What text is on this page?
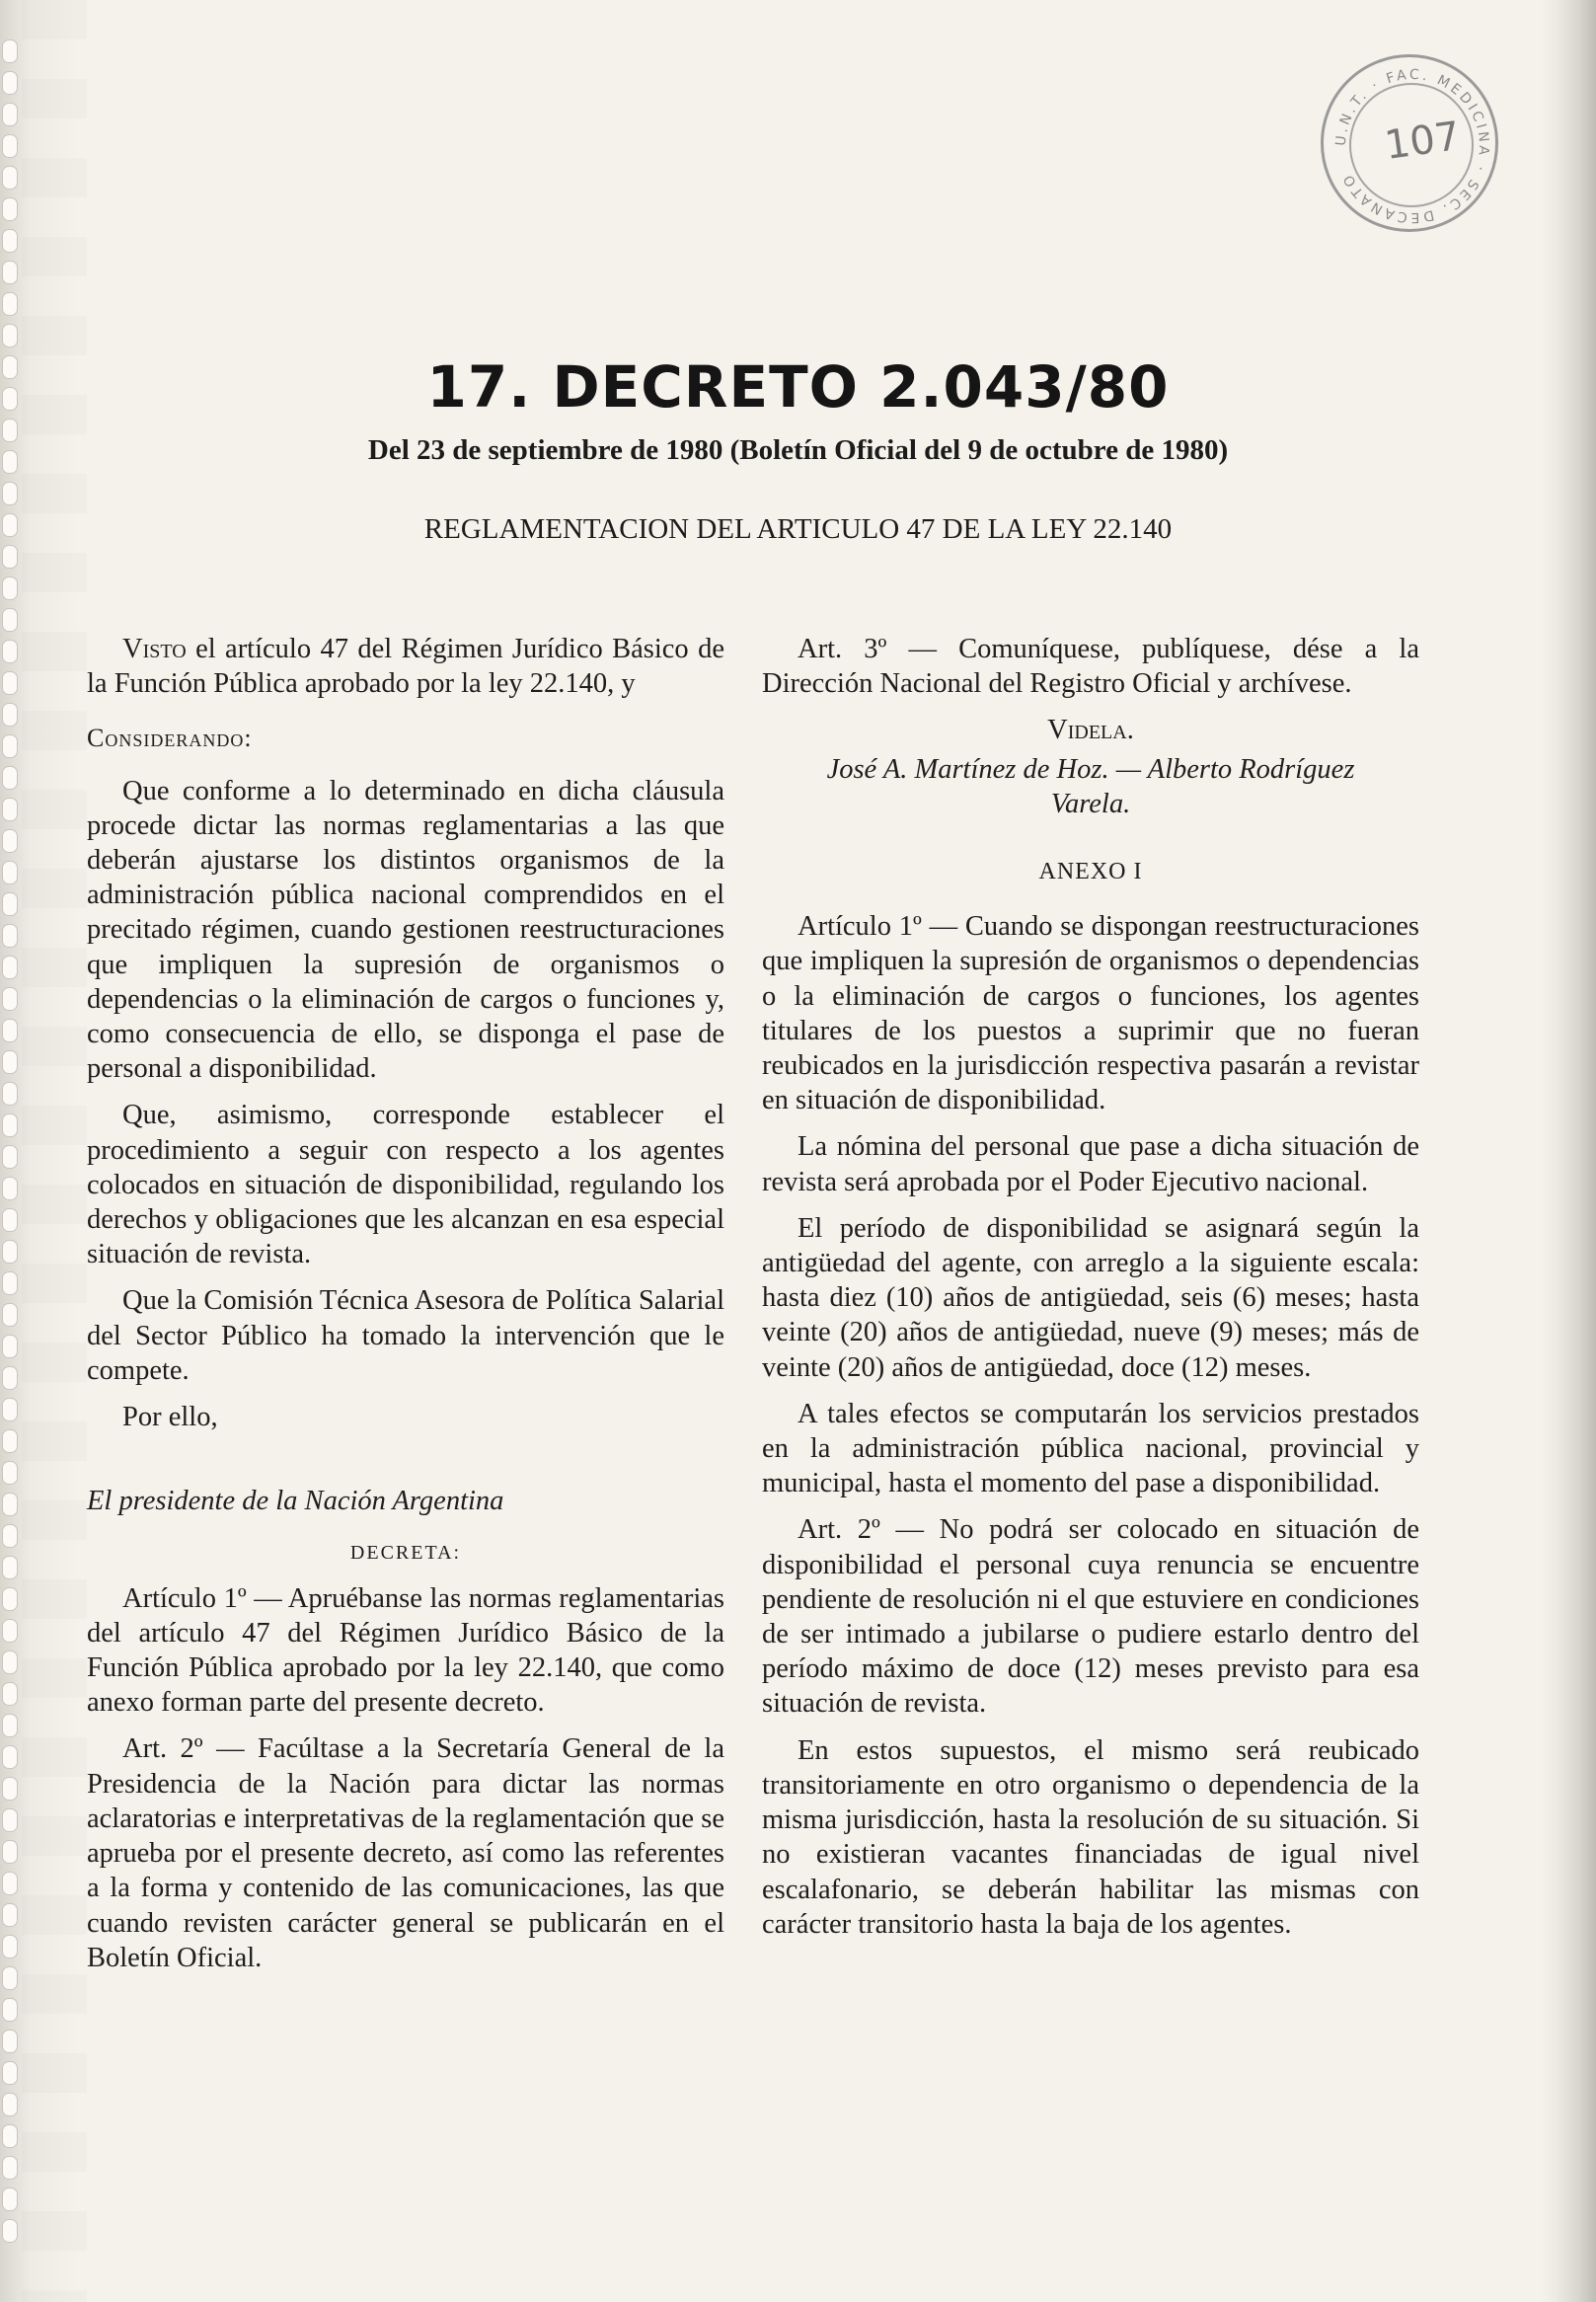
U.N.T. · FAC. MEDICINA · SEC. DECANATO
107
17. DECRETO 2.043/80
Del 23 de septiembre de 1980 (Boletín Oficial del 9 de octubre de 1980)
REGLAMENTACION DEL ARTICULO 47 DE LA LEY 22.140

Visto el artículo 47 del Régimen Jurídico Básico de la Función Pública aprobado por la ley 22.140, y

Considerando:

Que conforme a lo determinado en dicha cláusula procede dictar las normas reglamentarias a las que deberán ajustarse los distintos organismos de la administración pública nacional comprendidos en el precitado régimen, cuando gestionen reestructuraciones que impliquen la supresión de organismos o dependencias o la eliminación de cargos o funciones y, como consecuencia de ello, se disponga el pase de personal a disponibilidad.

Que, asimismo, corresponde establecer el procedimiento a seguir con respecto a los agentes colocados en situación de disponibilidad, regulando los derechos y obligaciones que les alcanzan en esa especial situación de revista.

Que la Comisión Técnica Asesora de Política Salarial del Sector Público ha tomado la intervención que le compete.

Por ello,

El presidente de la Nación Argentina

DECRETA:

Artículo 1º — Apruébanse las normas reglamentarias del artículo 47 del Régimen Jurídico Básico de la Función Pública aprobado por la ley 22.140, que como anexo forman parte del presente decreto.

Art. 2º — Facúltase a la Secretaría General de la Presidencia de la Nación para dictar las normas aclaratorias e interpretativas de la reglamentación que se aprueba por el presente decreto, así como las referentes a la forma y contenido de las comunicaciones, las que cuando revisten carácter general se publicarán en el Boletín Oficial.

Art. 3º — Comuníquese, publíquese, dése a la Dirección Nacional del Registro Oficial y archívese.

Videla.

José A. Martínez de Hoz. — Alberto Rodríguez Varela.

ANEXO I

Artículo 1º — Cuando se dispongan reestructuraciones que impliquen la supresión de organismos o dependencias o la eliminación de cargos o funciones, los agentes titulares de los puestos a suprimir que no fueran reubicados en la jurisdicción respectiva pasarán a revistar en situación de disponibilidad.

La nómina del personal que pase a dicha situación de revista será aprobada por el Poder Ejecutivo nacional.

El período de disponibilidad se asignará según la antigüedad del agente, con arreglo a la siguiente escala: hasta diez (10) años de antigüedad, seis (6) meses; hasta veinte (20) años de antigüedad, nueve (9) meses; más de veinte (20) años de antigüedad, doce (12) meses.

A tales efectos se computarán los servicios prestados en la administración pública nacional, provincial y municipal, hasta el momento del pase a disponibilidad.

Art. 2º — No podrá ser colocado en situación de disponibilidad el personal cuya renuncia se encuentre pendiente de resolución ni el que estuviere en condiciones de ser intimado a jubilarse o pudiere estarlo dentro del período máximo de doce (12) meses previsto para esa situación de revista.

En estos supuestos, el mismo será reubicado transitoriamente en otro organismo o dependencia de la misma jurisdicción, hasta la resolución de su situación. Si no existieran vacantes financiadas de igual nivel escalafonario, se deberán habilitar las mismas con carácter transitorio hasta la baja de los agentes.
